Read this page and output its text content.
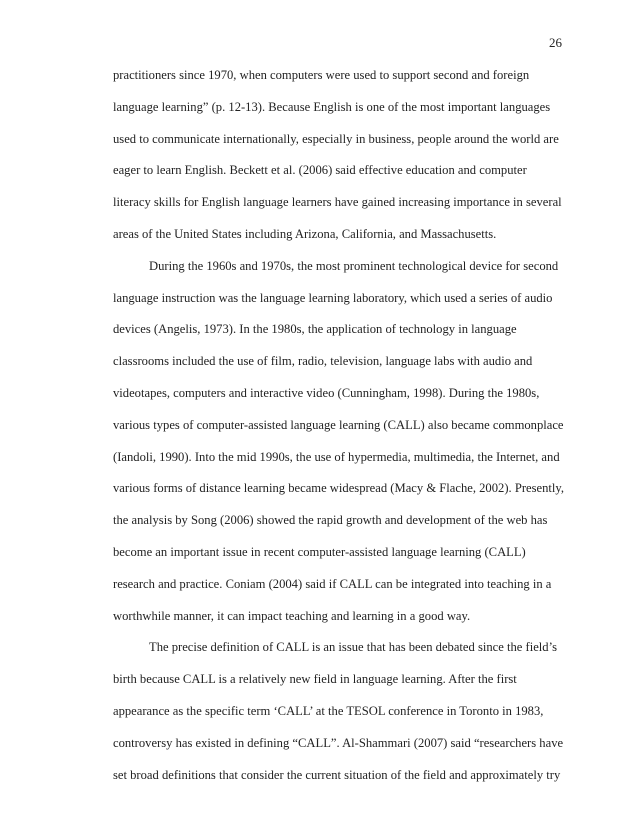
26
practitioners since 1970, when computers were used to support second and foreign
language learning” (p. 12-13). Because English is one of the most important languages
used to communicate internationally, especially in business, people around the world are
eager to learn English. Beckett et al. (2006) said effective education and computer
literacy skills for English language learners have gained increasing importance in several
areas of the United States including Arizona, California, and Massachusetts.
During the 1960s and 1970s, the most prominent technological device for second
language instruction was the language learning laboratory, which used a series of audio
devices (Angelis, 1973). In the 1980s, the application of technology in language
classrooms included the use of film, radio, television, language labs with audio and
videotapes, computers and interactive video (Cunningham, 1998). During the 1980s,
various types of computer-assisted language learning (CALL) also became commonplace
(Iandoli, 1990). Into the mid 1990s, the use of hypermedia, multimedia, the Internet, and
various forms of distance learning became widespread (Macy & Flache, 2002). Presently,
the analysis by Song (2006) showed the rapid growth and development of the web has
become an important issue in recent computer-assisted language learning (CALL)
research and practice. Coniam (2004) said if CALL can be integrated into teaching in a
worthwhile manner, it can impact teaching and learning in a good way.
The precise definition of CALL is an issue that has been debated since the field’s
birth because CALL is a relatively new field in language learning. After the first
appearance as the specific term ‘CALL’ at the TESOL conference in Toronto in 1983,
controversy has existed in defining “CALL”. Al-Shammari (2007) said “researchers have
set broad definitions that consider the current situation of the field and approximately try
